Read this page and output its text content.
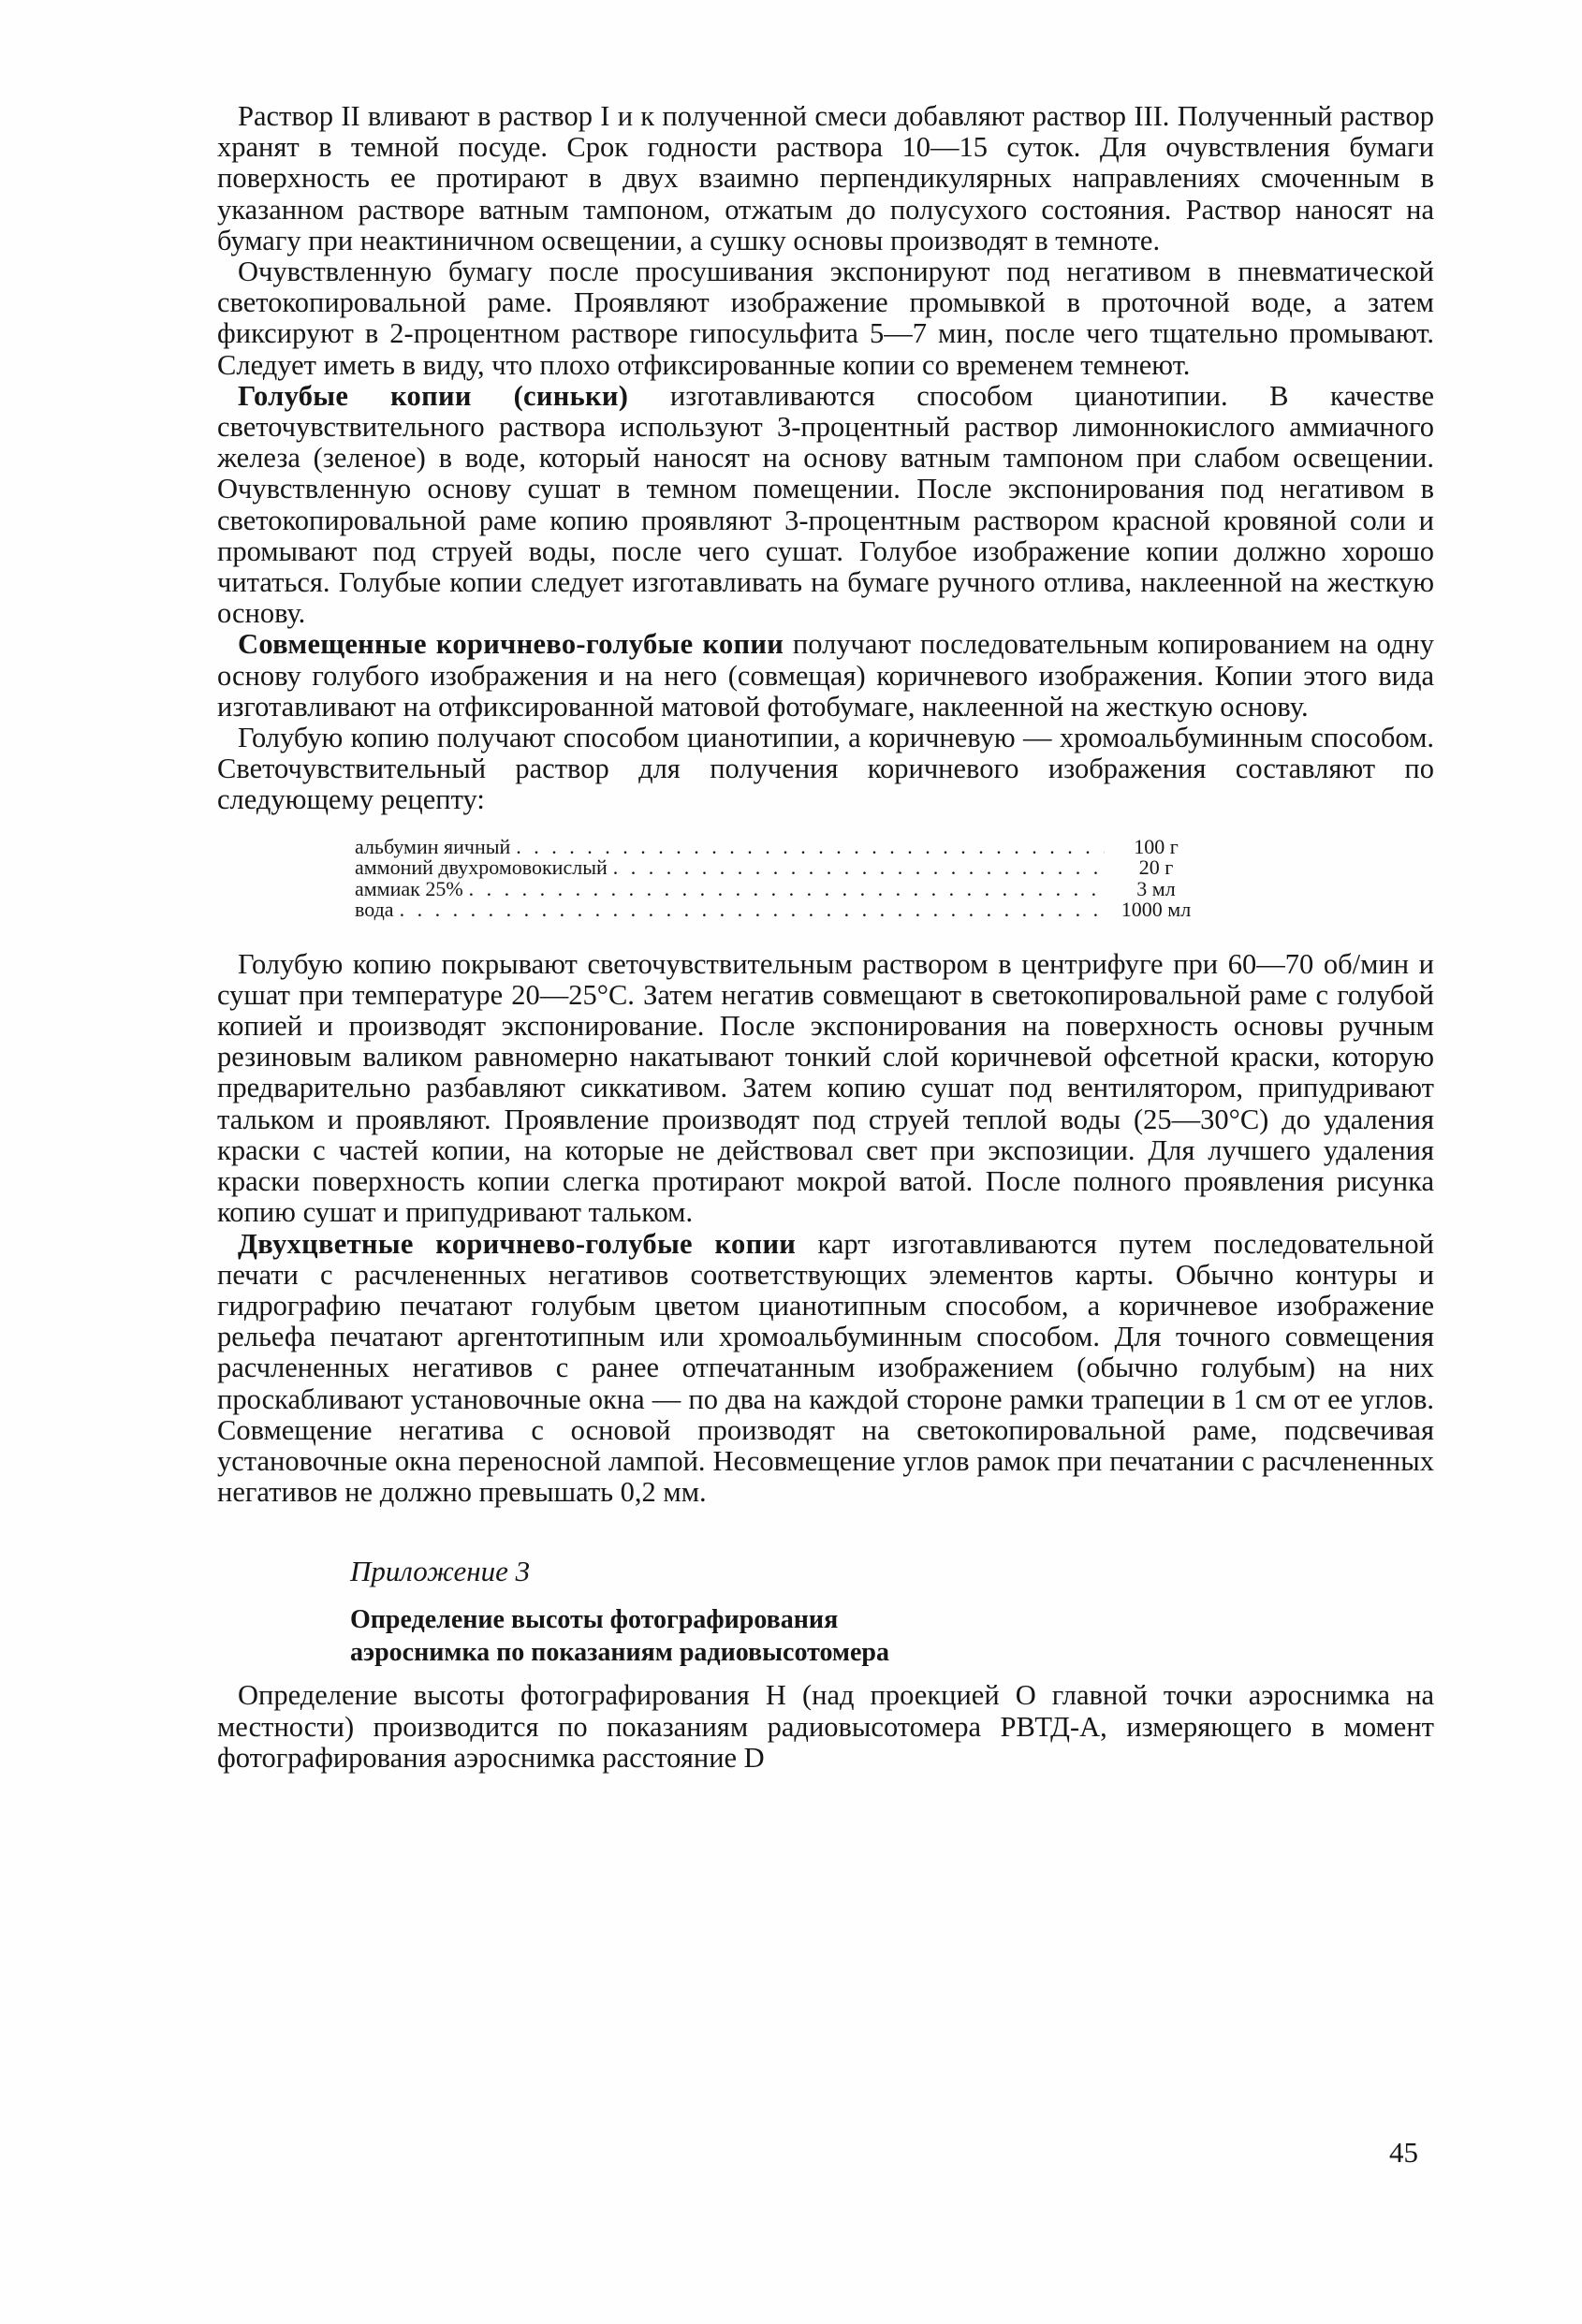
Раствор II вливают в раствор I и к полученной смеси добавляют раствор III. Полученный раствор хранят в темной посуде. Срок годности раствора 10—15 суток. Для очувствления бумаги поверхность ее протирают в двух взаимно перпендикулярных направлениях смоченным в указанном растворе ватным тампоном, отжатым до полусухого состояния. Раствор наносят на бумагу при неактиничном освещении, а сушку основы производят в темноте.

Очувствленную бумагу после просушивания экспонируют под негативом в пневматической светокопировальной раме. Проявляют изображение промывкой в проточной воде, а затем фиксируют в 2-процентном растворе гипосульфита 5—7 мин, после чего тщательно промывают. Следует иметь в виду, что плохо отфиксированные копии со временем темнеют.

Голубые копии (синьки) изготавливаются способом цианотипии. В качестве светочувствительного раствора используют 3-процентный раствор лимоннокислого аммиачного железа (зеленое) в воде, который наносят на основу ватным тампоном при слабом освещении. Очувствленную основу сушат в темном помещении. После экспонирования под негативом в светокопировальной раме копию проявляют 3-процентным раствором красной кровяной соли и промывают под струей воды, после чего сушат. Голубое изображение копии должно хорошо читаться. Голубые копии следует изготавливать на бумаге ручного отлива, наклеенной на жесткую основу.

Совмещенные коричнево-голубые копии получают последовательным копированием на одну основу голубого изображения и на него (совмещая) коричневого изображения. Копии этого вида изготавливают на отфиксированной матовой фотобумаге, наклеенной на жесткую основу.

Голубую копию получают способом цианотипии, а коричневую — хромоальбуминным способом. Светочувствительный раствор для получения коричневого изображения составляют по следующему рецепту:

альбумин яичный . . .	100 г
аммоний двухромовокислый . . .	20 г
аммиак 25% . . .	3 мл
вода . . .	1000 мл

Голубую копию покрывают светочувствительным раствором в центрифуге при 60—70 об/мин и сушат при температуре 20—25°С. Затем негатив совмещают в светокопировальной раме с голубой копией и производят экспонирование. После экспонирования на поверхность основы ручным резиновым валиком равномерно накатывают тонкий слой коричневой офсетной краски, которую предварительно разбавляют сиккативом. Затем копию сушат под вентилятором, припудривают тальком и проявляют. Проявление производят под струей теплой воды (25—30°С) до удаления краски с частей копии, на которые не действовал свет при экспозиции. Для лучшего удаления краски поверхность копии слегка протирают мокрой ватой. После полного проявления рисунка копию сушат и припудривают тальком.

Двухцветные коричнево-голубые копии карт изготавливаются путем последовательной печати с расчлененных негативов соответствующих элементов карты. Обычно контуры и гидрографию печатают голубым цветом цианотипным способом, а коричневое изображение рельефа печатают аргентотипным или хромоальбуминным способом. Для точного совмещения расчлененных негативов с ранее отпечатанным изображением (обычно голубым) на них проскабливают установочные окна — по два на каждой стороне рамки трапеции в 1 см от ее углов. Совмещение негатива с основой производят на светокопировальной раме, подсвечивая установочные окна переносной лампой. Несовмещение углов рамок при печатании с расчлененных негативов не должно превышать 0,2 мм.

Приложение 3
Определение высоты фотографирования
аэроснимка по показаниям радиовысотомера

Определение высоты фотографирования H (над проекцией O главной точки аэроснимка на местности) производится по показаниям радиовысотомера РВТД-А, измеряющего в момент фотографирования аэроснимка расстояние D

45
